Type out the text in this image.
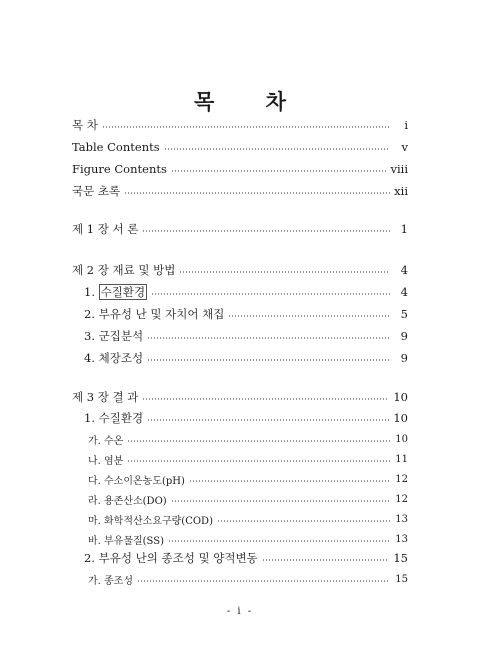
목 차
목 차	i
Table Contents	v
Figure Contents	viii
국문 초록	xii
제 1 장 서 론	1
제 2 장 재료 및 방법	4
1. 수질환경	4
2. 부유성 난 및 자치어 채집	5
3. 군집분석	9
4. 체장조성	9
제 3 장 결 과	10
1. 수질환경	10
가. 수온	10
나. 염분	11
다. 수소이온농도(pH)	12
라. 용존산소(DO)	12
마. 화학적산소요구량(COD)	13
바. 부유물질(SS)	13
2. 부유성 난의 종조성 및 양적변동	15
가. 종조성	15
- i -
